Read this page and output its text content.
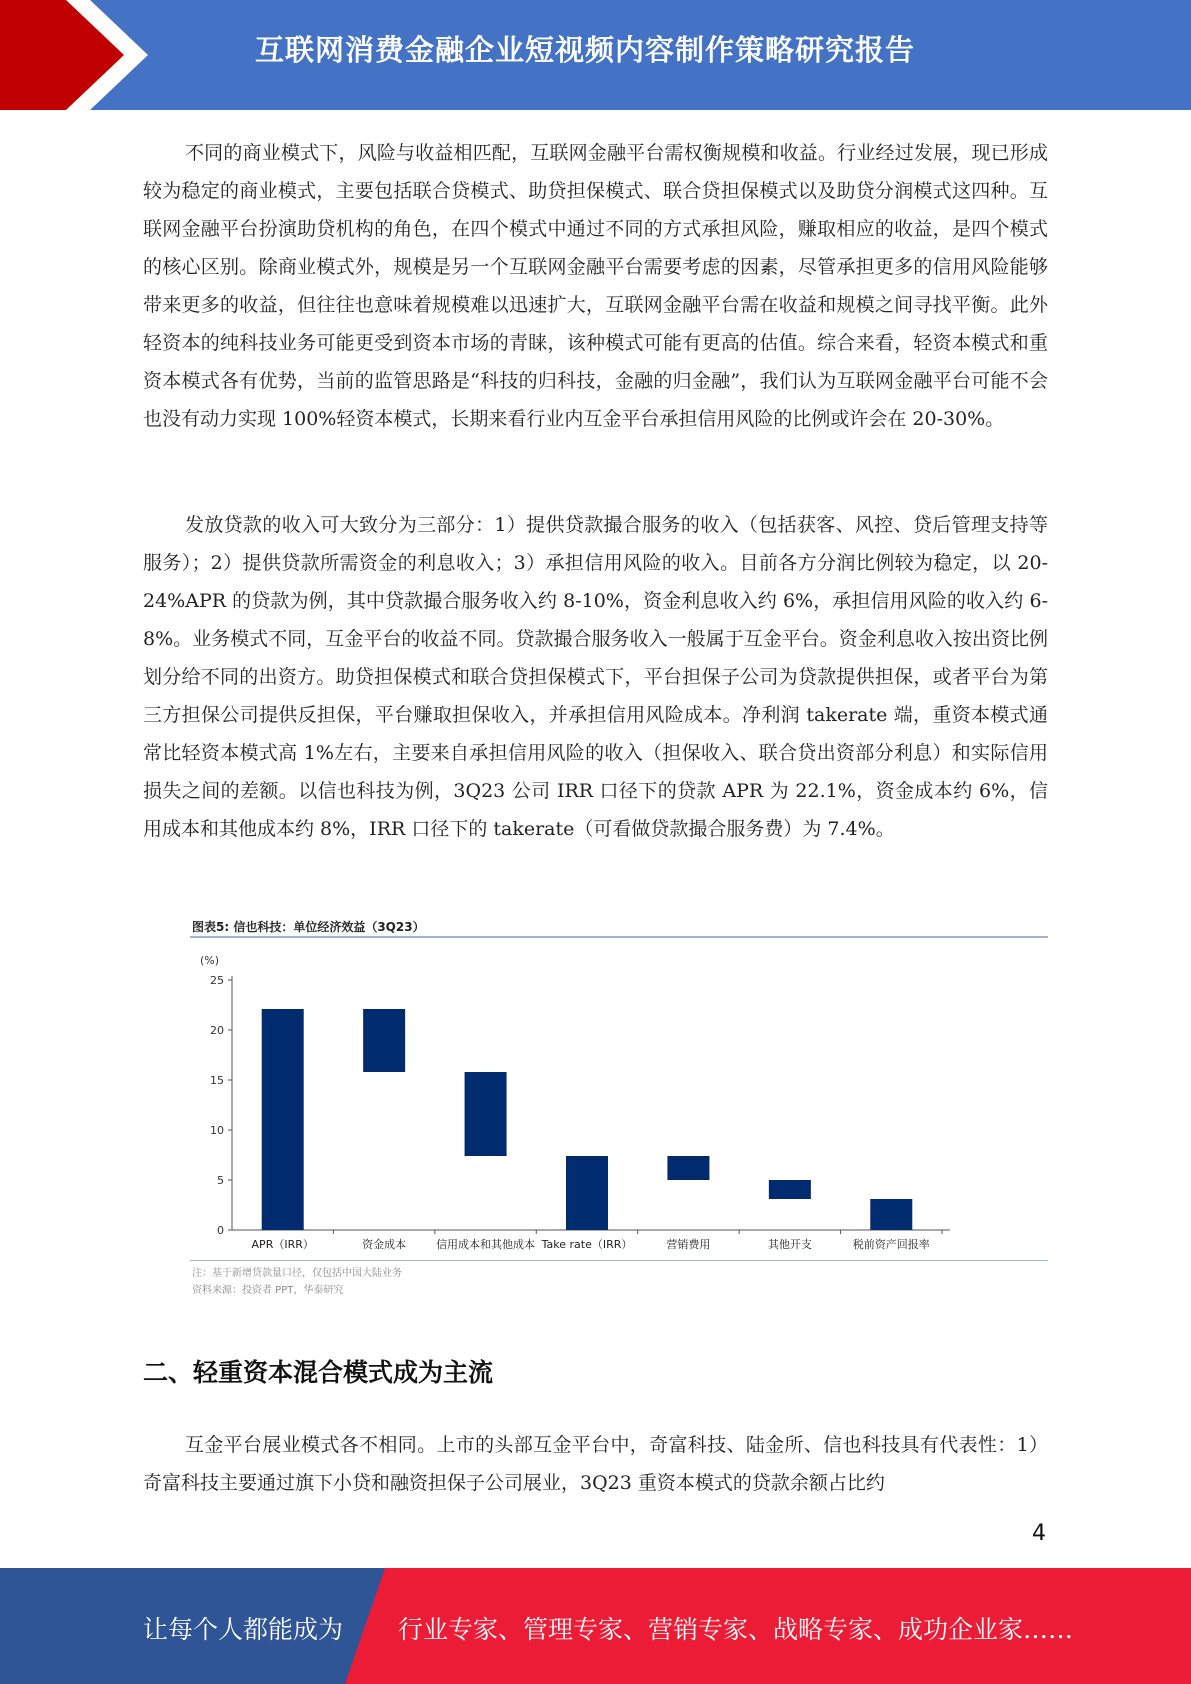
互联网消费金融企业短视频内容制作策略研究报告

不同的商业模式下，风险与收益相匹配，互联网金融平台需权衡规模和收益。行业经过发展，现已形成较为稳定的商业模式，主要包括联合贷模式、助贷担保模式、联合贷担保模式以及助贷分润模式这四种。互联网金融平台扮演助贷机构的角色，在四个模式中通过不同的方式承担风险，赚取相应的收益，是四个模式的核心区别。除商业模式外，规模是另一个互联网金融平台需要考虑的因素，尽管承担更多的信用风险能够带来更多的收益，但往往也意味着规模难以迅速扩大，互联网金融平台需在收益和规模之间寻找平衡。此外轻资本的纯科技业务可能更受到资本市场的青睐，该种模式可能有更高的估值。综合来看，轻资本模式和重资本模式各有优势，当前的监管思路是“科技的归科技，金融的归金融”，我们认为互联网金融平台可能不会也没有动力实现 100%轻资本模式，长期来看行业内互金平台承担信用风险的比例或许会在 20-30%。

发放贷款的收入可大致分为三部分：1）提供贷款撮合服务的收入（包括获客、风控、贷后管理支持等服务）；2）提供贷款所需资金的利息收入；3）承担信用风险的收入。目前各方分润比例较为稳定，以 20-24%APR 的贷款为例，其中贷款撮合服务收入约 8-10%，资金利息收入约 6%，承担信用风险的收入约 6-8%。业务模式不同，互金平台的收益不同。贷款撮合服务收入一般属于互金平台。资金利息收入按出资比例划分给不同的出资方。助贷担保模式和联合贷担保模式下，平台担保子公司为贷款提供担保，或者平台为第三方担保公司提供反担保，平台赚取担保收入，并承担信用风险成本。净利润 takerate 端，重资本模式通常比轻资本模式高 1%左右，主要来自承担信用风险的收入（担保收入、联合贷出资部分利息）和实际信用损失之间的差额。以信也科技为例，3Q23 公司 IRR 口径下的贷款 APR 为 22.1%，资金成本约 6%，信用成本和其他成本约 8%，IRR 口径下的 takerate（可看做贷款撮合服务费）为 7.4%。

图表5: 信也科技：单位经济效益（3Q23）
(%)
0
5
10
15
20
25
APR（IRR）	资金成本	信用成本和其他成本 Take rate（IRR）	营销费用	其他开支	税前资产回报率
注：基于新增贷款量口径，仅包括中国大陆业务
资料来源：投资者 PPT，华泰研究
二、轻重资本混合模式成为主流

互金平台展业模式各不相同。上市的头部互金平台中，奇富科技、陆金所、信也科技具有代表性：1）奇富科技主要通过旗下小贷和融资担保子公司展业，3Q23 重资本模式的贷款余额占比约

4
让每个人都能成为 行业专家、管理专家、营销专家、战略专家、成功企业家……
